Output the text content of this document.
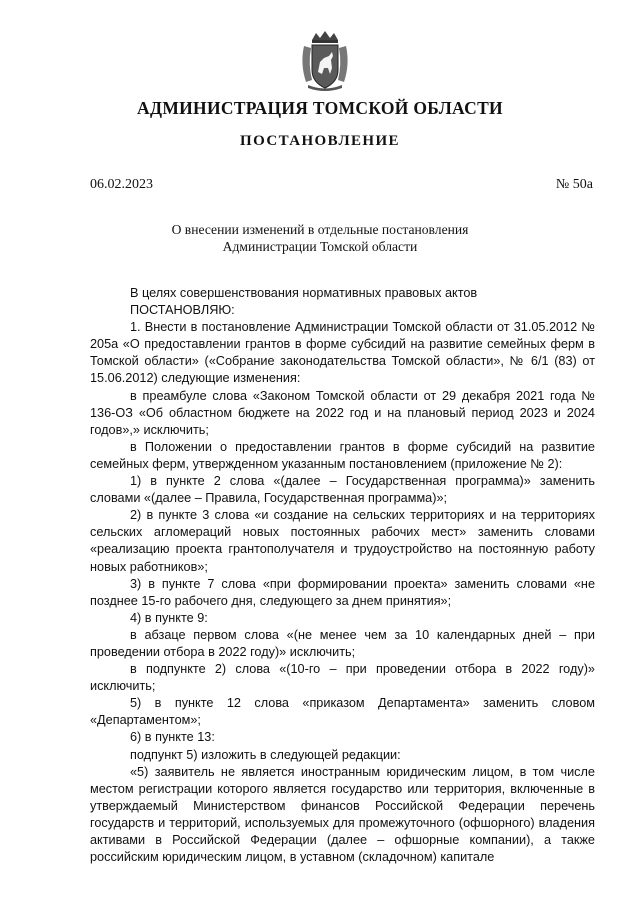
АДМИНИСТРАЦИЯ ТОМСКОЙ ОБЛАСТИ
ПОСТАНОВЛЕНИЕ
06.02.2023	№ 50а
О внесении изменений в отдельные постановления
Администрации Томской области

В целях совершенствования нормативных правовых актов

ПОСТАНОВЛЯЮ:

1. Внести в постановление Администрации Томской области от 31.05.2012 № 205а «О предоставлении грантов в форме субсидий на развитие семейных ферм в Томской области» («Собрание законодательства Томской области», № 6/1 (83) от 15.06.2012) следующие изменения:

в преамбуле слова «Законом Томской области от 29 декабря 2021 года № 136-ОЗ «Об областном бюджете на 2022 год и на плановый период 2023 и 2024 годов»,» исключить;

в Положении о предоставлении грантов в форме субсидий на развитие семейных ферм, утвержденном указанным постановлением (приложение № 2):

1) в пункте 2 слова «(далее – Государственная программа)» заменить словами «(далее – Правила, Государственная программа)»;

2) в пункте 3 слова «и создание на сельских территориях и на территориях сельских агломераций новых постоянных рабочих мест» заменить словами «реализацию проекта грантополучателя и трудоустройство на постоянную работу новых работников»;

3) в пункте 7 слова «при формировании проекта» заменить словами «не позднее 15-го рабочего дня, следующего за днем принятия»;

4) в пункте 9:

в абзаце первом слова «(не менее чем за 10 календарных дней – при проведении отбора в 2022 году)» исключить;

в подпункте 2) слова «(10-го – при проведении отбора в 2022 году)» исключить;

5) в пункте 12 слова «приказом Департамента» заменить словом «Департаментом»;

6) в пункте 13:

подпункт 5) изложить в следующей редакции:

«5) заявитель не является иностранным юридическим лицом, в том числе местом регистрации которого является государство или территория, включенные в утверждаемый Министерством финансов Российской Федерации перечень государств и территорий, используемых для промежуточного (офшорного) владения активами в Российской Федерации (далее – офшорные компании), а также российским юридическим лицом, в уставном (складочном) капитале
